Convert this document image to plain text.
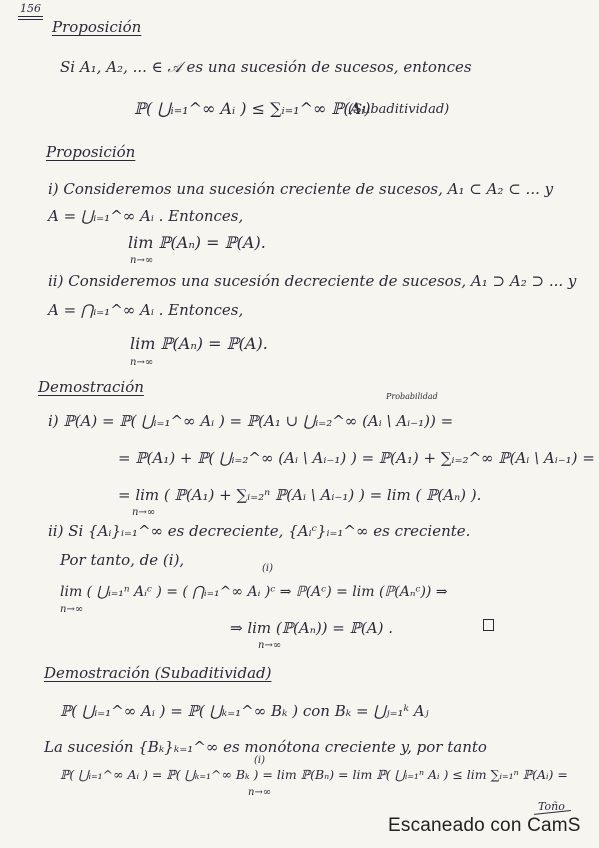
156
Proposición
Si A₁, A₂, ... ∈ 𝒜 es una sucesión de sucesos, entonces
ℙ( ⋃ᵢ₌₁^∞ Aᵢ ) ≤ ∑ᵢ₌₁^∞ ℙ(Aᵢ)
(Subaditividad)
Proposición
i) Consideremos una sucesión creciente de sucesos, A₁ ⊂ A₂ ⊂ ... y
A = ⋃ᵢ₌₁^∞ Aᵢ . Entonces,
lim ℙ(Aₙ) = ℙ(A).
n→∞
ii) Consideremos una sucesión decreciente de sucesos, A₁ ⊃ A₂ ⊃ ... y
A = ⋂ᵢ₌₁^∞ Aᵢ . Entonces,
lim ℙ(Aₙ) = ℙ(A).
n→∞
Demostración
Probabilidad
i) ℙ(A) = ℙ( ⋃ᵢ₌₁^∞ Aᵢ ) = ℙ(A₁ ∪ ⋃ᵢ₌₂^∞ (Aᵢ \ Aᵢ₋₁)) =
= ℙ(A₁) + ℙ( ⋃ᵢ₌₂^∞ (Aᵢ \ Aᵢ₋₁) ) = ℙ(A₁) + ∑ᵢ₌₂^∞ ℙ(Aᵢ \ Aᵢ₋₁) =
= lim ( ℙ(A₁) + ∑ᵢ₌₂ⁿ ℙ(Aᵢ \ Aᵢ₋₁) ) = lim ( ℙ(Aₙ) ).
n→∞
ii) Si {Aᵢ}ᵢ₌₁^∞ es decreciente, {Aᵢᶜ}ᵢ₌₁^∞ es creciente.
Por tanto, de (i),	(i)
lim ( ⋃ᵢ₌₁ⁿ Aᵢᶜ ) = ( ⋂ᵢ₌₁^∞ Aᵢ )ᶜ ⇒ ℙ(Aᶜ) = lim (ℙ(Aₙᶜ)) ⇒
n→∞
⇒ lim (ℙ(Aₙ)) = ℙ(A) .
n→∞
Demostración (Subaditividad)
ℙ( ⋃ᵢ₌₁^∞ Aᵢ ) = ℙ( ⋃ₖ₌₁^∞ Bₖ ) con Bₖ = ⋃ⱼ₌₁ᵏ Aⱼ
La sucesión {Bₖ}ₖ₌₁^∞ es monótona creciente y, por tanto
(i)
ℙ( ⋃ᵢ₌₁^∞ Aᵢ ) = ℙ( ⋃ₖ₌₁^∞ Bₖ ) = lim ℙ(Bₙ) = lim ℙ( ⋃ᵢ₌₁ⁿ Aᵢ ) ≤ lim ∑ᵢ₌₁ⁿ ℙ(Aᵢ) =
n→∞
Toño
Escaneado con CamS
